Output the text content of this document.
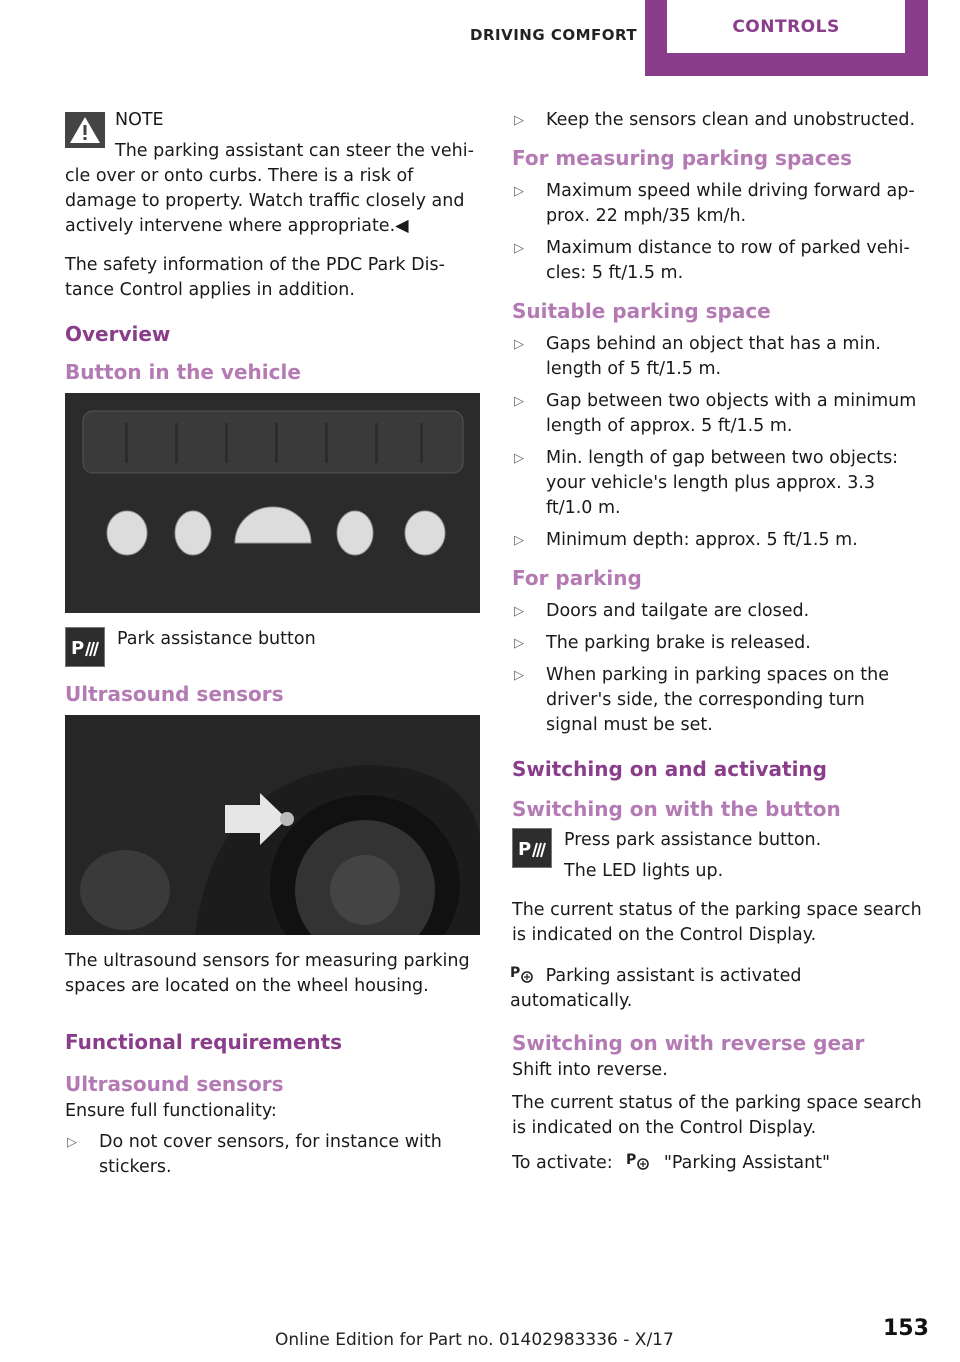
DRIVING COMFORT	CONTROLS
NOTE
The parking assistant can steer the vehi‐cle over or onto curbs. There is a risk of damage to property. Watch traffic closely and actively intervene where appropriate.◀
The safety information of the PDC Park Dis‐tance Control applies in addition.
Overview
Button in the vehicle
P Park assistance button
Ultrasound sensors
The ultrasound sensors for measuring parking spaces are located on the wheel housing.
Functional requirements
Ultrasound sensors
Ensure full functionality:
▷ Do not cover sensors, for instance with stickers.
▷ Keep the sensors clean and unobstructed.
For measuring parking spaces
▷ Maximum speed while driving forward ap‐prox. 22 mph/35 km/h.
▷ Maximum distance to row of parked vehi‐cles: 5 ft/1.5 m.
Suitable parking space
▷ Gaps behind an object that has a min. length of 5 ft/1.5 m.
▷ Gap between two objects with a minimum length of approx. 5 ft/1.5 m.
▷ Min. length of gap between two objects: your vehicle's length plus approx. 3.3 ft/1.0 m.
▷ Minimum depth: approx. 5 ft/1.5 m.
For parking
▷ Doors and tailgate are closed.
▷ The parking brake is released.
▷ When parking in parking spaces on the driver's side, the corresponding turn signal must be set.
Switching on and activating
Switching on with the button
P Press park assistance button.
The LED lights up.
The current status of the parking space search is indicated on the Control Display.
P Parking assistant is activated automatically.
Switching on with reverse gear
Shift into reverse.
The current status of the parking space search is indicated on the Control Display.
To activate: P "Parking Assistant"
153
Online Edition for Part no. 01402983336 - X/17
